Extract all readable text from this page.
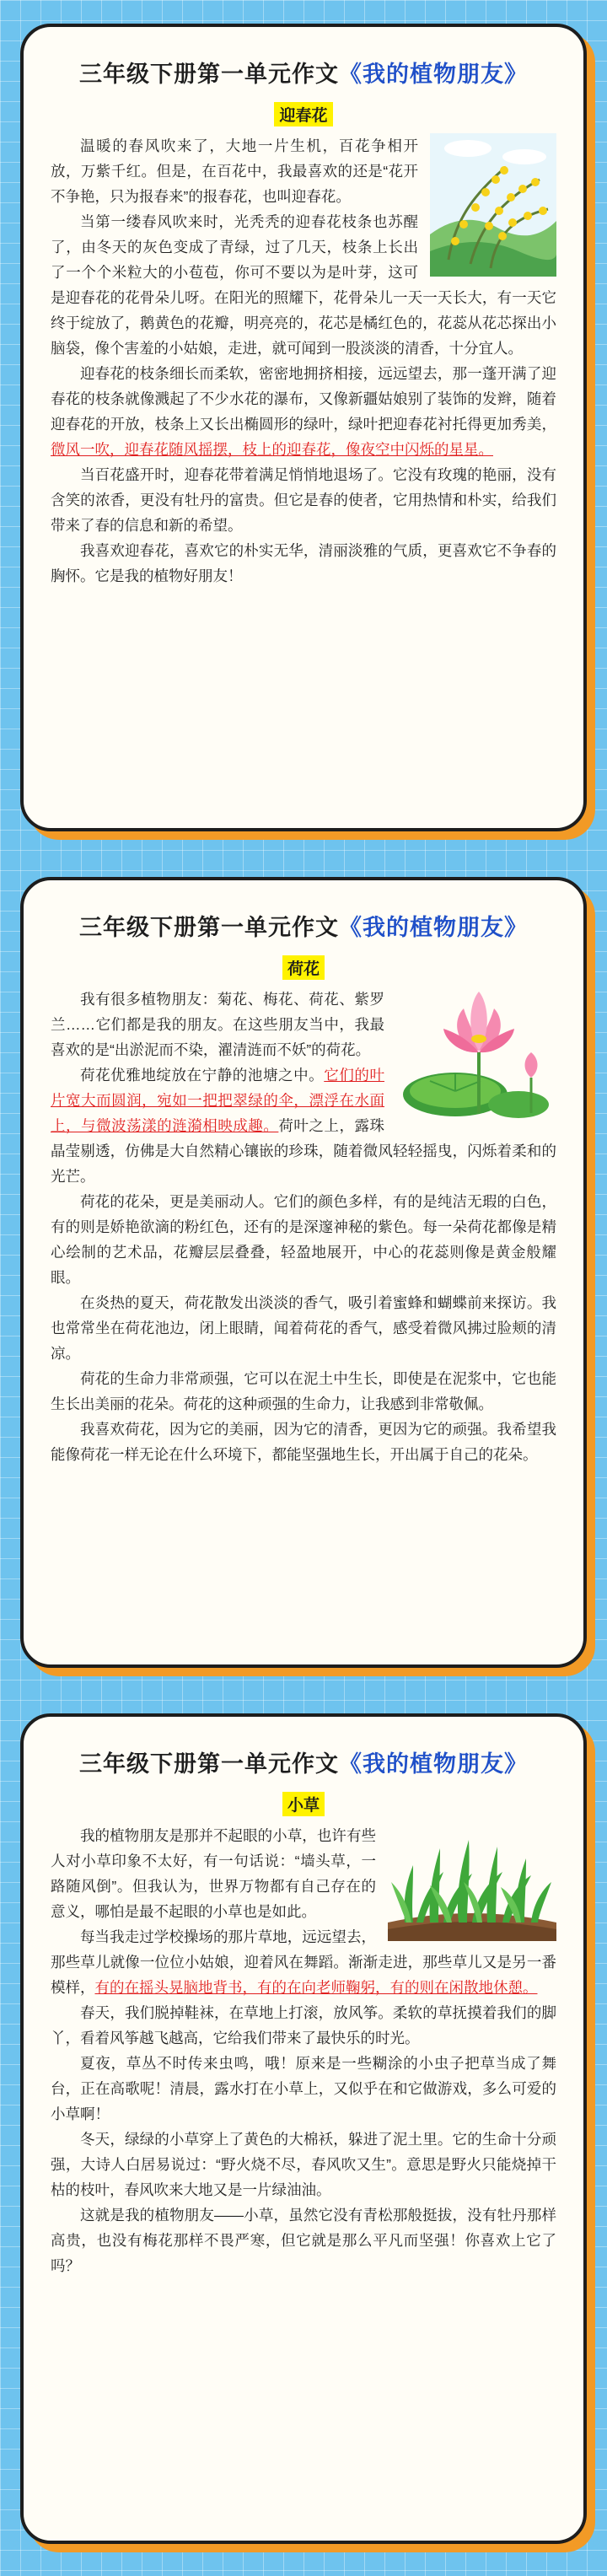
三年级下册第一单元作文《我的植物朋友》
迎春花

温暖的春风吹来了，大地一片生机，百花争相开放，万紫千红。但是，在百花中，我最喜欢的还是“花开不争艳，只为报春来”的报春花，也叫迎春花。

当第一缕春风吹来时，光秃秃的迎春花枝条也苏醒了，由冬天的灰色变成了青绿，过了几天，枝条上长出了一个个米粒大的小苞苞，你可不要以为是叶芽，这可是迎春花的花骨朵儿呀。在阳光的照耀下，花骨朵儿一天一天长大，有一天它终于绽放了，鹅黄色的花瓣，明亮亮的，花芯是橘红色的，花蕊从花芯探出小脑袋，像个害羞的小姑娘，走进，就可闻到一股淡淡的清香，十分宜人。

迎春花的枝条细长而柔软，密密地拥挤相接，远远望去，那一蓬开满了迎春花的枝条就像溅起了不少水花的瀑布，又像新疆姑娘别了装饰的发辫，随着迎春花的开放，枝条上又长出椭圆形的绿叶，绿叶把迎春花衬托得更加秀美，微风一吹，迎春花随风摇摆，枝上的迎春花，像夜空中闪烁的星星。

当百花盛开时，迎春花带着满足悄悄地退场了。它没有玫瑰的艳丽，没有含笑的浓香，更没有牡丹的富贵。但它是春的使者，它用热情和朴实，给我们带来了春的信息和新的希望。

我喜欢迎春花，喜欢它的朴实无华，清丽淡雅的气质，更喜欢它不争春的胸怀。它是我的植物好朋友！

三年级下册第一单元作文《我的植物朋友》
荷花

我有很多植物朋友：菊花、梅花、荷花、紫罗兰……它们都是我的朋友。在这些朋友当中，我最喜欢的是“出淤泥而不染，濯清涟而不妖”的荷花。

荷花优雅地绽放在宁静的池塘之中。它们的叶片宽大而圆润，宛如一把把翠绿的伞，漂浮在水面上，与微波荡漾的涟漪相映成趣。荷叶之上，露珠晶莹剔透，仿佛是大自然精心镶嵌的珍珠，随着微风轻轻摇曳，闪烁着柔和的光芒。

荷花的花朵，更是美丽动人。它们的颜色多样，有的是纯洁无瑕的白色，有的则是娇艳欲滴的粉红色，还有的是深邃神秘的紫色。每一朵荷花都像是精心绘制的艺术品，花瓣层层叠叠，轻盈地展开，中心的花蕊则像是黄金般耀眼。

在炎热的夏天，荷花散发出淡淡的香气，吸引着蜜蜂和蝴蝶前来探访。我也常常坐在荷花池边，闭上眼睛，闻着荷花的香气，感受着微风拂过脸颊的清凉。

荷花的生命力非常顽强，它可以在泥土中生长，即使是在泥浆中，它也能生长出美丽的花朵。荷花的这种顽强的生命力，让我感到非常敬佩。

我喜欢荷花，因为它的美丽，因为它的清香，更因为它的顽强。我希望我能像荷花一样无论在什么环境下，都能坚强地生长，开出属于自己的花朵。

三年级下册第一单元作文《我的植物朋友》
小草

我的植物朋友是那并不起眼的小草，也许有些人对小草印象不太好，有一句话说：“墙头草，一路随风倒”。但我认为，世界万物都有自己存在的意义，哪怕是最不起眼的小草也是如此。

每当我走过学校操场的那片草地，远远望去，那些草儿就像一位位小姑娘，迎着风在舞蹈。渐渐走进，那些草儿又是另一番模样，有的在摇头晃脑地背书，有的在向老师鞠躬，有的则在闲散地休憩。

春天，我们脱掉鞋袜，在草地上打滚，放风筝。柔软的草抚摸着我们的脚丫，看着风筝越飞越高，它给我们带来了最快乐的时光。

夏夜，草丛不时传来虫鸣，哦！原来是一些糊涂的小虫子把草当成了舞台，正在高歌呢！清晨，露水打在小草上，又似乎在和它做游戏，多么可爱的小草啊！

冬天，绿绿的小草穿上了黄色的大棉袄，躲进了泥土里。它的生命十分顽强，大诗人白居易说过：“野火烧不尽，春风吹又生”。意思是野火只能烧掉干枯的枝叶，春风吹来大地又是一片绿油油。

这就是我的植物朋友——小草，虽然它没有青松那般挺拔，没有牡丹那样高贵，也没有梅花那样不畏严寒，但它就是那么平凡而坚强！你喜欢上它了吗？
